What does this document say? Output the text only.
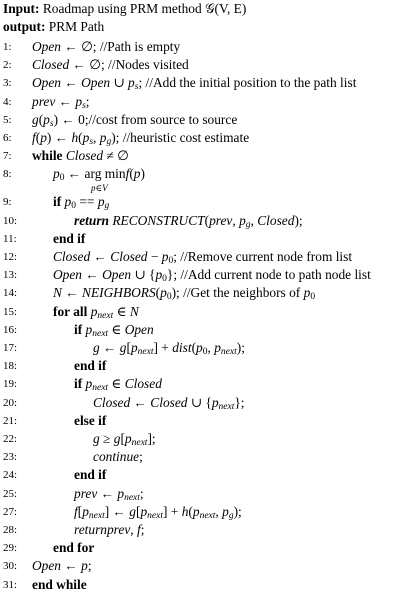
Input: Roadmap using PRM method 𝒢(V, E)
output: PRM Path
1:	Open ← ∅; //Path is empty
2:	Closed ← ∅; //Nodes visited
3:	Open ← Open ∪ $p_s$; //Add the initial position to the path list
4:	prev ← $p_s$;
5:	$g(p_s)$ ← 0;//cost from source to source
6:	f(p) ← $h(p_s$, $p_g$); //heuristic cost estimate
7:	while Closed ≠ ∅
8:	$p_0$ ← arg minf(p)
p∈V
9:	if $p_0 == p_g$
10:	return RECONSTRUCT(prev, $p_g$, Closed);
11:	end if
12:	Closed ← Closed − $p_0$; //Remove current node from list
13:	Open ← Open ∪ $\{p_0\}$; //Add current node to path node list
14:	N ← $NEIGHBORS(p_0)$; //Get the neighbors of $p_0$
15:	for all $p_{next}$ ∈ N
16:	if $p_{next}$ ∈ Open
17:	g ← $g[p_{next}]$ + $dist(p_0$, $p_{next}$);
18:	end if
19:	if $p_{next}$ ∈ Closed
20:	Closed ← Closed ∪ $\{p_{next}\}$;
21:	else if
22:	$g \ge g[p_{next}]$;
23:	continue;
24:	end if
25:	prev ← $p_{next}$;
27:	$f[p_{next}]$ ← $g[p_{next}] + h(p_{next}$, $p_g$);
28:	returnprev, f;
29:	end for
30:	Open ← p;
31:	end while
